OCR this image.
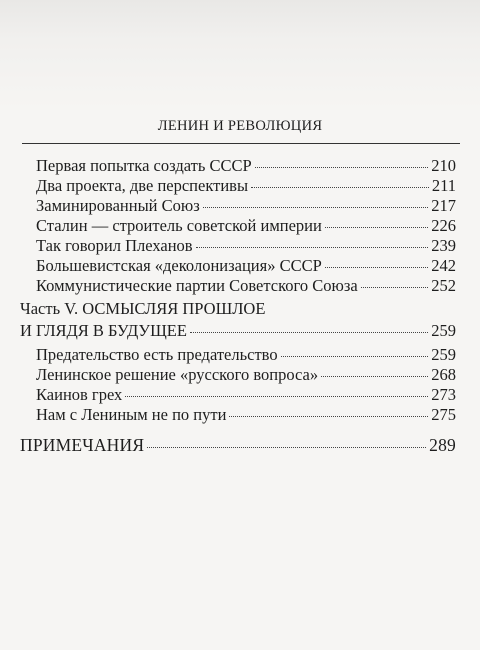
ЛЕНИН И РЕВОЛЮЦИЯ
Первая попытка создать СССР	210
Два проекта, две перспективы	211
Заминированный Союз	217
Сталин — строитель советской империи	226
Так говорил Плеханов	239
Большевистская «деколонизация» СССР	242
Коммунистические партии Советского Союза	252
Часть V. ОСМЫСЛЯЯ ПРОШЛОЕ
И ГЛЯДЯ В БУДУЩЕЕ	259
Предательство есть предательство	259
Ленинское решение «русского вопроса»	268
Каинов грех	273
Нам с Лениным не по пути	275
ПРИМЕЧАНИЯ	289
